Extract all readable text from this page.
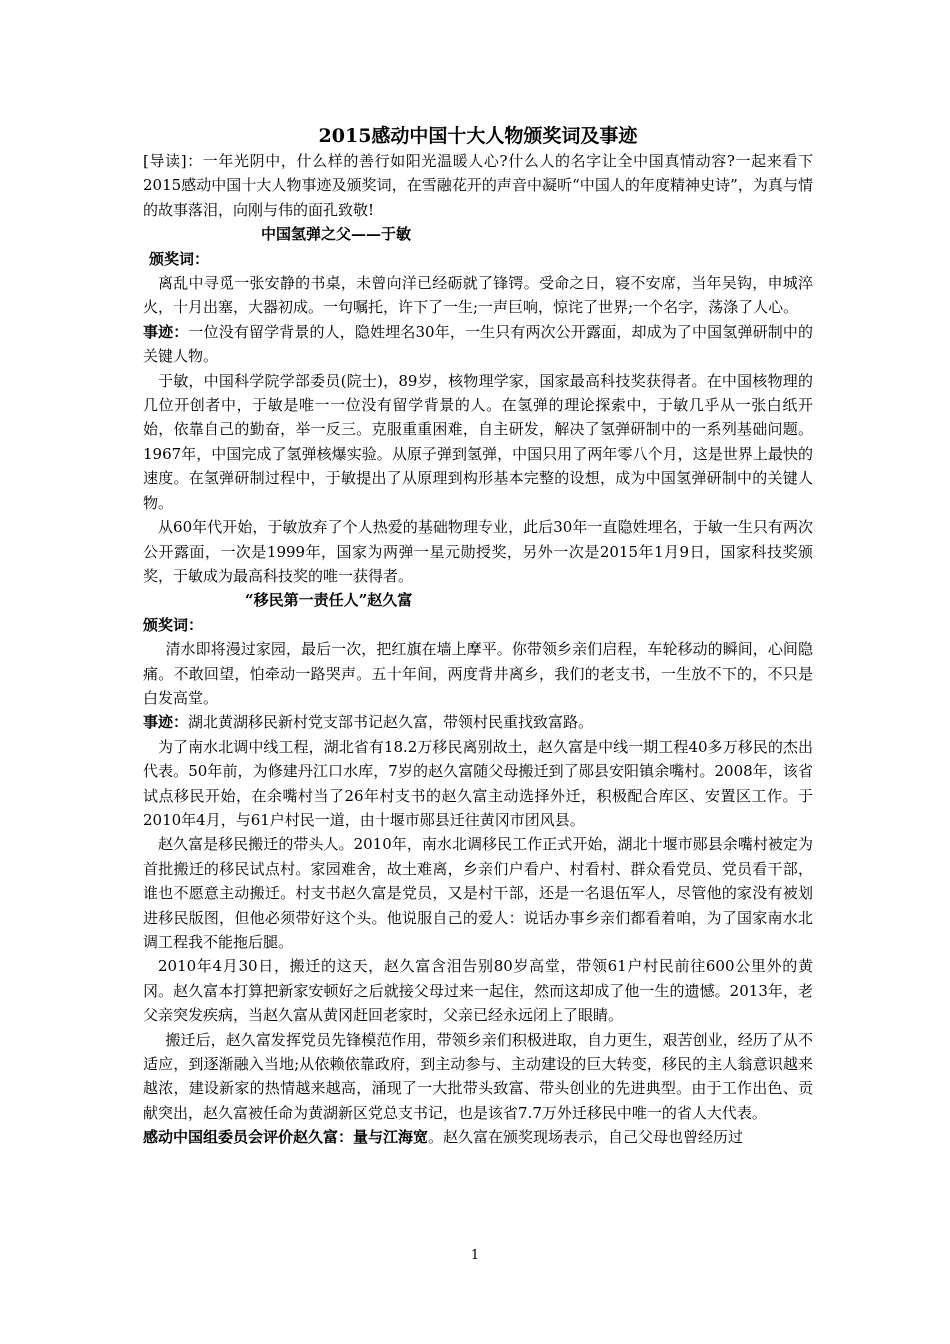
2015感动中国十大人物颁奖词及事迹

[导读]：一年光阴中，什么样的善行如阳光温暖人心?什么人的名字让全中国真情动容?一起来看下2015感动中国十大人物事迹及颁奖词，在雪融花开的声音中凝听“中国人的年度精神史诗”，为真与情的故事落泪，向刚与伟的面孔致敬!

中国氢弹之父——于敏

颁奖词：

离乱中寻觅一张安静的书桌，未曾向洋已经砺就了锋锷。受命之日，寝不安席，当年吴钩，申城淬火，十月出塞，大器初成。一句嘱托，许下了一生;一声巨响，惊诧了世界;一个名字，荡涤了人心。

事迹：一位没有留学背景的人，隐姓埋名30年，一生只有两次公开露面，却成为了中国氢弹研制中的关键人物。

于敏，中国科学院学部委员(院士)，89岁，核物理学家，国家最高科技奖获得者。在中国核物理的几位开创者中，于敏是唯一一位没有留学背景的人。在氢弹的理论探索中，于敏几乎从一张白纸开始，依靠自己的勤奋，举一反三。克服重重困难，自主研发，解决了氢弹研制中的一系列基础问题。1967年，中国完成了氢弹核爆实验。从原子弹到氢弹，中国只用了两年零八个月，这是世界上最快的速度。在氢弹研制过程中，于敏提出了从原理到构形基本完整的设想，成为中国氢弹研制中的关键人物。

从60年代开始，于敏放弃了个人热爱的基础物理专业，此后30年一直隐姓埋名，于敏一生只有两次公开露面，一次是1999年，国家为两弹一星元勋授奖，另外一次是2015年1月9日，国家科技奖颁奖，于敏成为最高科技奖的唯一获得者。

“移民第一责任人”赵久富

颁奖词：

清水即将漫过家园，最后一次，把红旗在墙上摩平。你带领乡亲们启程，车轮移动的瞬间，心间隐痛。不敢回望，怕牵动一路哭声。五十年间，两度背井离乡，我们的老支书，一生放不下的，不只是白发高堂。

事迹：湖北黄湖移民新村党支部书记赵久富，带领村民重找致富路。

为了南水北调中线工程，湖北省有18.2万移民离别故土，赵久富是中线一期工程40多万移民的杰出代表。50年前，为修建丹江口水库，7岁的赵久富随父母搬迁到了郧县安阳镇余嘴村。2008年，该省试点移民开始，在余嘴村当了26年村支书的赵久富主动选择外迁，积极配合库区、安置区工作。于2010年4月，与61户村民一道，由十堰市郧县迁往黄冈市团风县。

赵久富是移民搬迁的带头人。2010年，南水北调移民工作正式开始，湖北十堰市郧县余嘴村被定为首批搬迁的移民试点村。家园难舍，故土难离，乡亲们户看户、村看村、群众看党员、党员看干部，谁也不愿意主动搬迁。村支书赵久富是党员，又是村干部，还是一名退伍军人，尽管他的家没有被划进移民版图，但他必须带好这个头。他说服自己的爱人：说话办事乡亲们都看着咱，为了国家南水北调工程我不能拖后腿。

2010年4月30日，搬迁的这天，赵久富含泪告别80岁高堂，带领61户村民前往600公里外的黄冈。赵久富本打算把新家安顿好之后就接父母过来一起住，然而这却成了他一生的遗憾。2013年，老父亲突发疾病，当赵久富从黄冈赶回老家时，父亲已经永远闭上了眼睛。

搬迁后，赵久富发挥党员先锋模范作用，带领乡亲们积极进取，自力更生，艰苦创业，经历了从不适应，到逐渐融入当地;从依赖依靠政府，到主动参与、主动建设的巨大转变，移民的主人翁意识越来越浓，建设新家的热情越来越高，涌现了一大批带头致富、带头创业的先进典型。由于工作出色、贡献突出，赵久富被任命为黄湖新区党总支书记，也是该省7.7万外迁移民中唯一的省人大代表。

感动中国组委员会评价赵久富：量与江海宽。赵久富在颁奖现场表示，自己父母也曾经历过

1
